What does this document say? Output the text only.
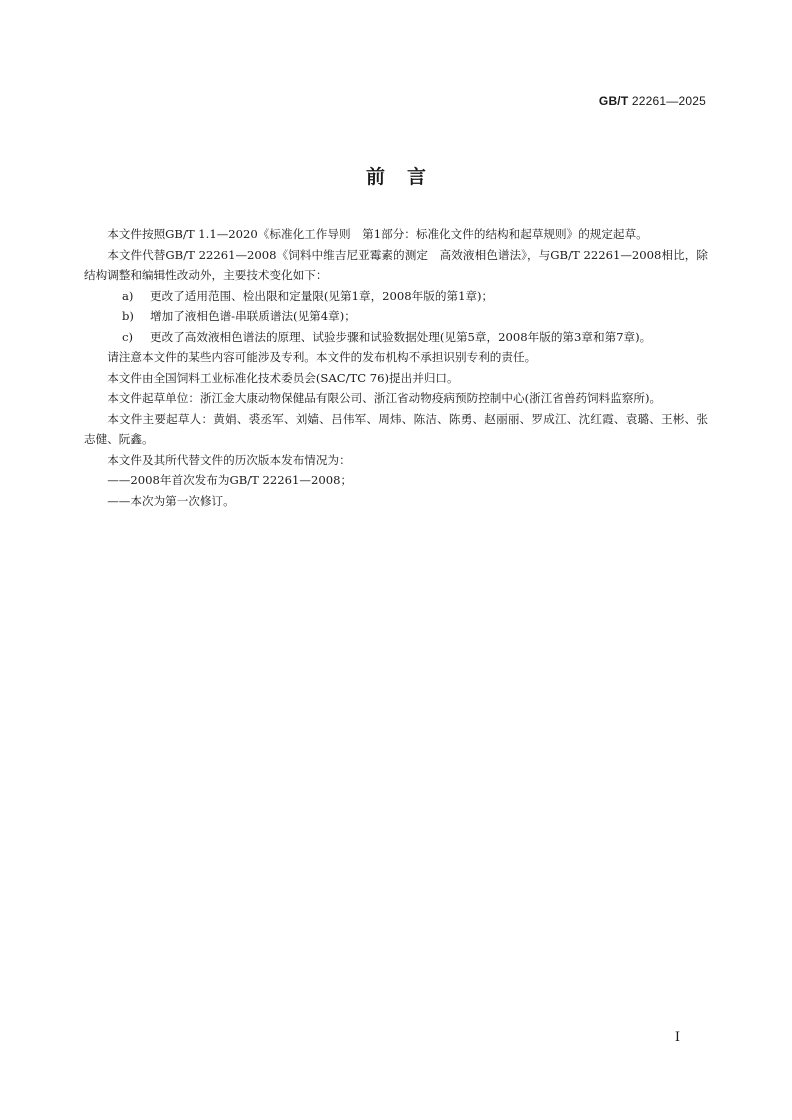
GB/T 22261—2025
前言

本文件按照GB/T 1.1—2020《标准化工作导则　第1部分：标准化文件的结构和起草规则》的规定起草。

本文件代替GB/T 22261—2008《饲料中维吉尼亚霉素的测定　高效液相色谱法》，与GB/T 22261—2008相比，除结构调整和编辑性改动外，主要技术变化如下：

a) 更改了适用范围、检出限和定量限(见第1章，2008年版的第1章)；
b) 增加了液相色谱-串联质谱法(见第4章)；
c) 更改了高效液相色谱法的原理、试验步骤和试验数据处理(见第5章，2008年版的第3章和第7章)。

请注意本文件的某些内容可能涉及专利。本文件的发布机构不承担识别专利的责任。

本文件由全国饲料工业标准化技术委员会(SAC/TC 76)提出并归口。

本文件起草单位：浙江金大康动物保健品有限公司、浙江省动物疫病预防控制中心(浙江省兽药饲料监察所)。

本文件主要起草人：黄娟、裘丞军、刘嫱、吕伟军、周炜、陈洁、陈勇、赵丽丽、罗成江、沈红霞、袁璐、王彬、张志健、阮鑫。

本文件及其所代替文件的历次版本发布情况为：

——2008年首次发布为GB/T 22261—2008；

——本次为第一次修订。

I
